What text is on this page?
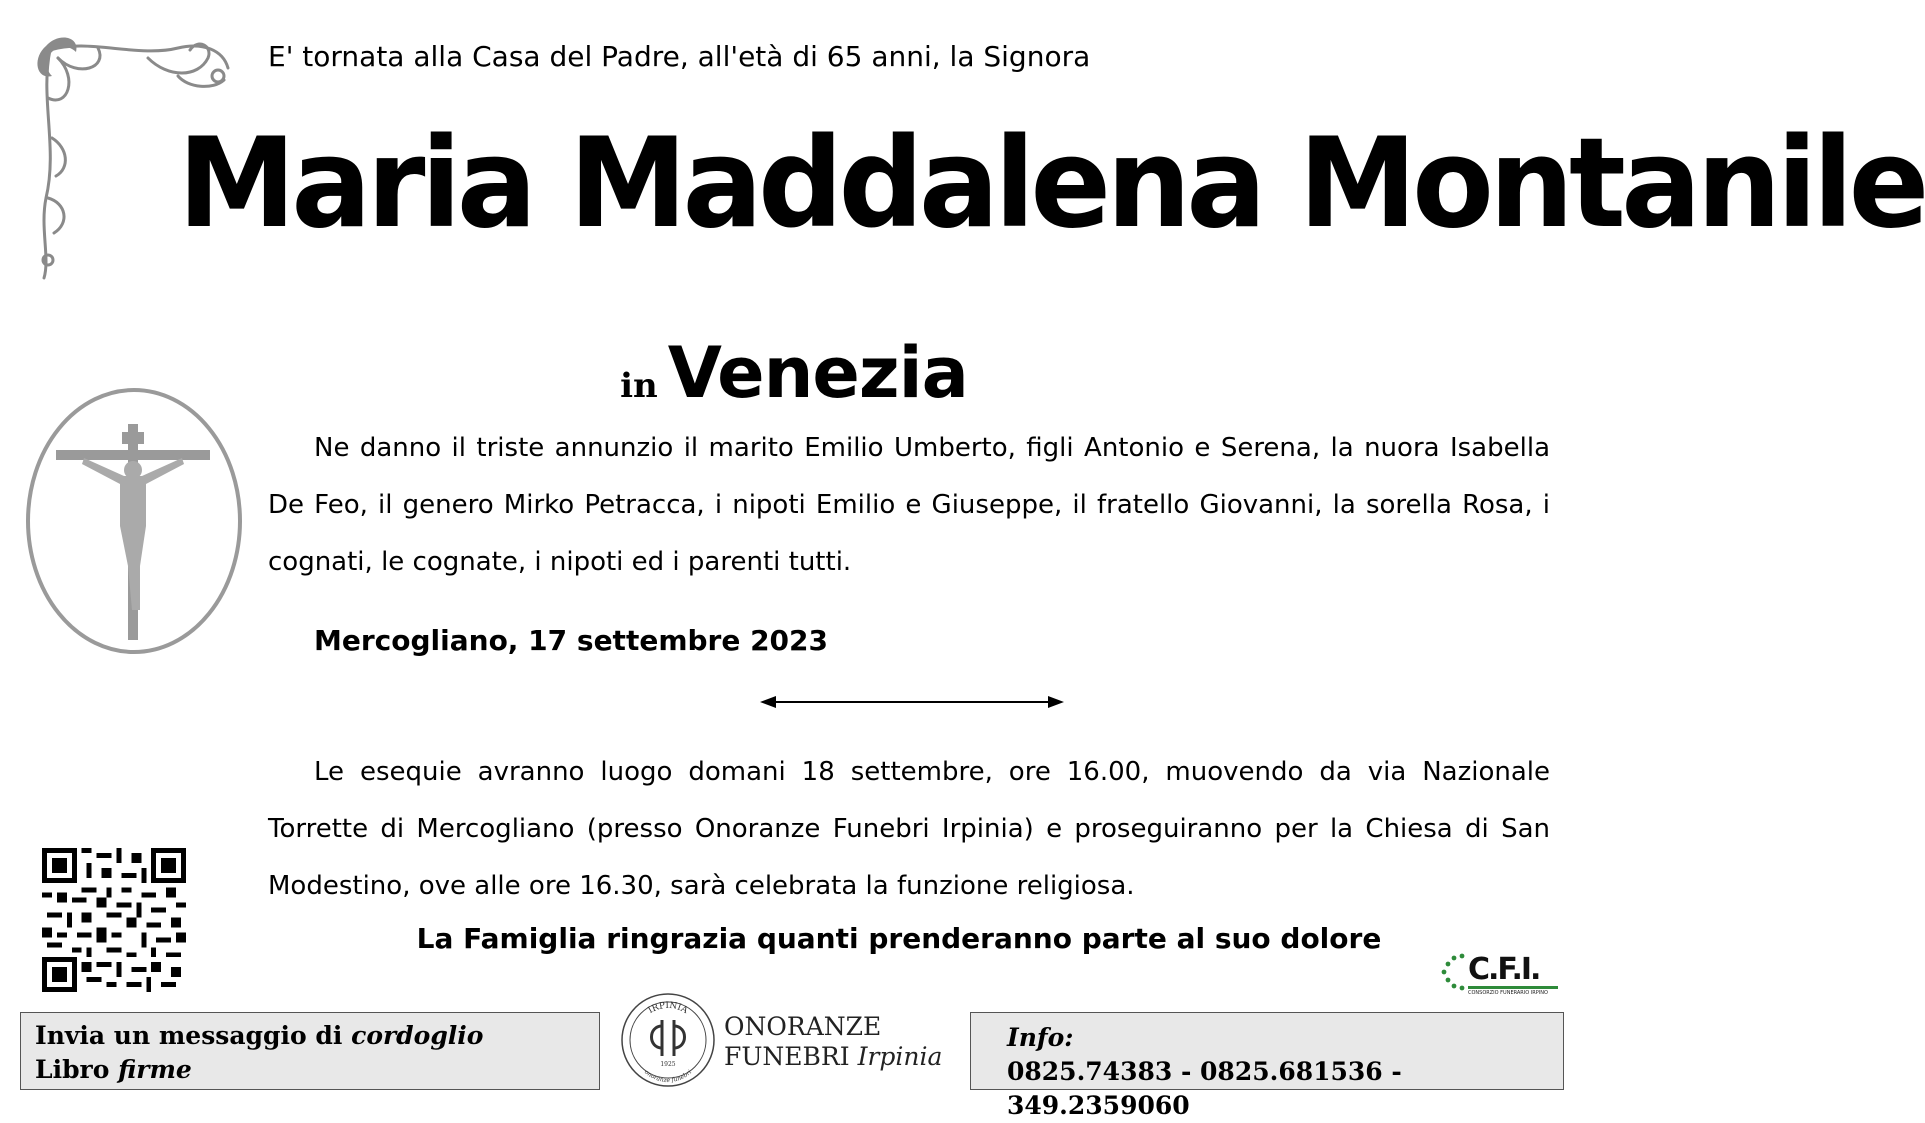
E' tornata alla Casa del Padre, all'età di 65 anni, la Signora
Maria Maddalena Montanile
in Venezia
Ne danno il triste annunzio il marito Emilio Umberto, figli Antonio e Serena, la nuora Isabella De Feo, il genero Mirko Petracca, i nipoti Emilio e Giuseppe, il fratello Giovanni, la sorella Rosa, i cognati, le cognate, i nipoti ed i parenti tutti.
Mercogliano, 17 settembre 2023
Le esequie avranno luogo domani 18 settembre, ore 16.00, muovendo da via Nazionale Torrette di Mercogliano (presso Onoranze Funebri Irpinia) e proseguiranno per la Chiesa di San Modestino, ove alle ore 16.30, sarà celebrata la funzione religiosa.
La Famiglia ringrazia quanti prenderanno parte al suo dolore
C.F.I.
CONSORZIO FUNERARIO IRPINO
Invia un messaggio di cordoglio
Libro firme
IRPINIA
onoranze funebri
1925
ONORANZE
FUNEBRI Irpinia
Info:
0825.74383 - 0825.681536 - 349.2359060
